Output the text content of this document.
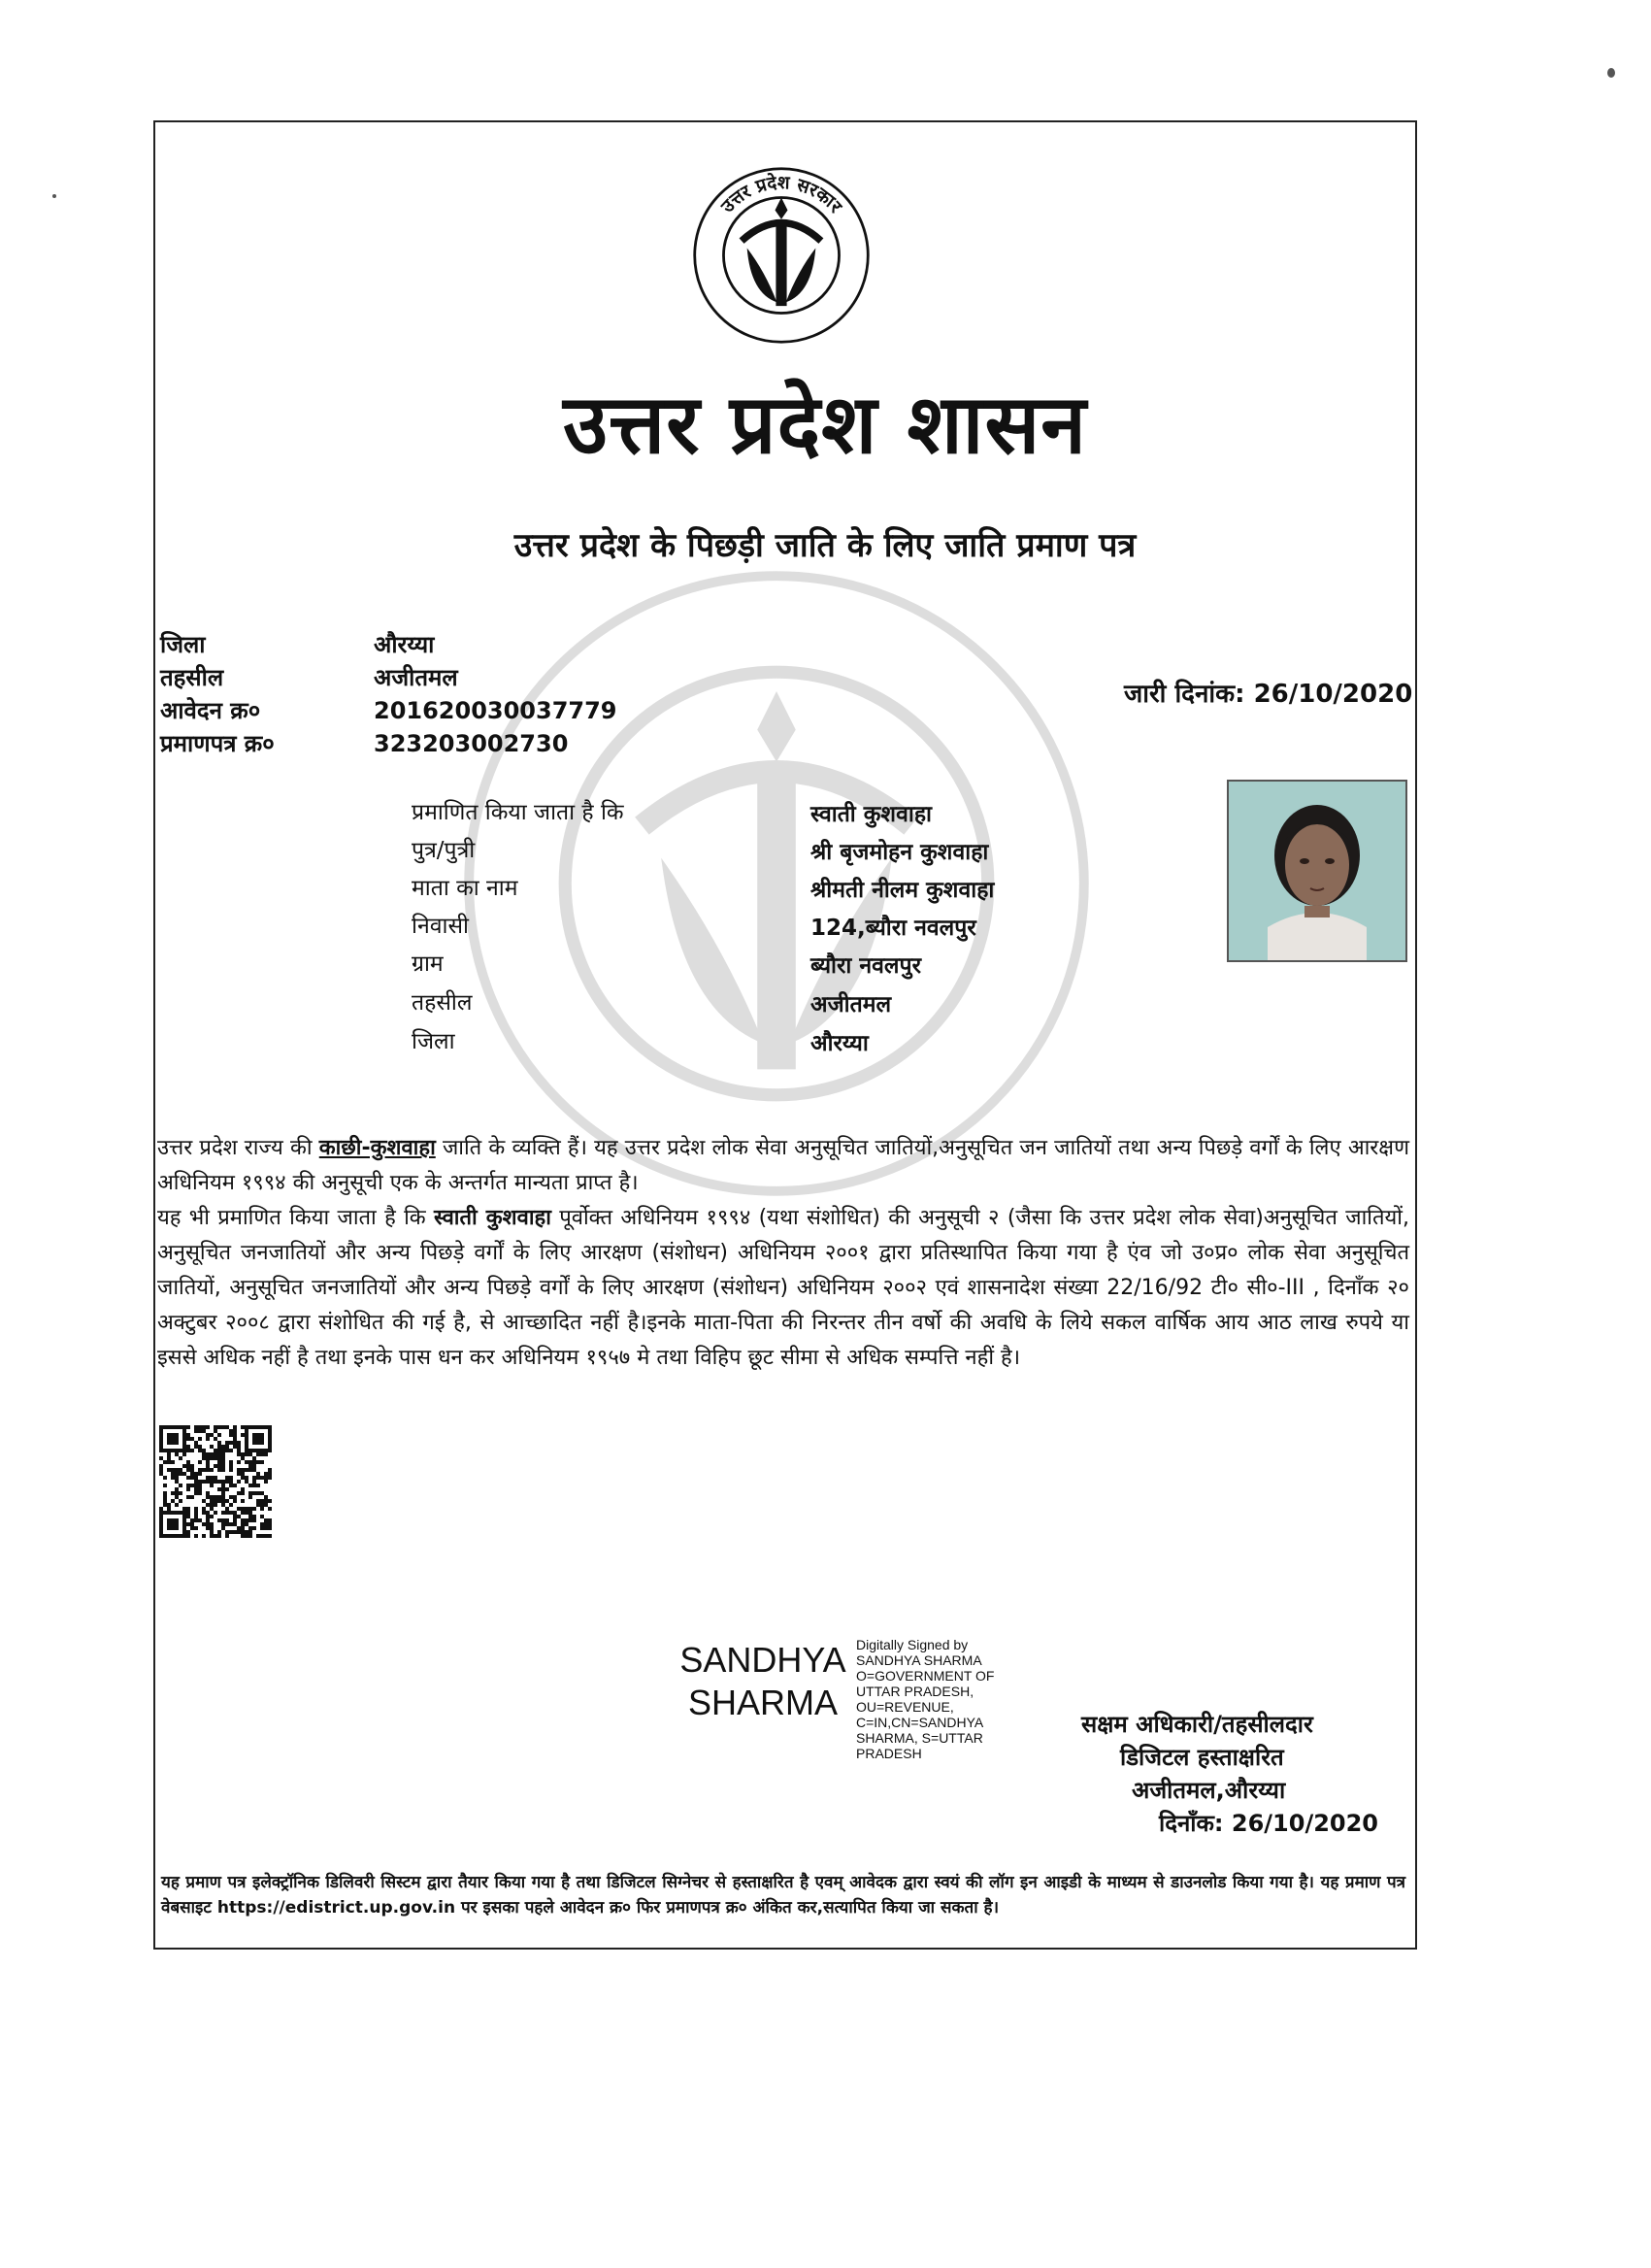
उत्तर प्रदेश सरकार
उत्तर प्रदेश शासन
उत्तर प्रदेश के पिछड़ी जाति के लिए जाति प्रमाण पत्र
जिला	औरय्या
तहसील	अजीतमल
आवेदन क्र०	201620030037779
प्रमाणपत्र क्र०	323203002730
जारी दिनांक: 26/10/2020
प्रमाणित किया जाता है कि	स्वाती कुशवाहा
पुत्र/पुत्री	श्री बृजमोहन कुशवाहा
माता का नाम	श्रीमती नीलम कुशवाहा
निवासी	124,ब्यौरा नवलपुर
ग्राम	ब्यौरा नवलपुर
तहसील	अजीतमल
जिला	औरय्या

उत्तर प्रदेश राज्य की काछी-कुशवाहा जाति के व्यक्ति हैं। यह उत्तर प्रदेश लोक सेवा अनुसूचित जातियों,अनुसूचित जन जातियों तथा अन्य पिछड़े वर्गों के लिए आरक्षण अधिनियम १९९४ की अनुसूची एक के अन्तर्गत मान्यता प्राप्त है।

यह भी प्रमाणित किया जाता है कि स्वाती कुशवाहा पूर्वोक्त अधिनियम १९९४ (यथा संशोधित) की अनुसूची २ (जैसा कि उत्तर प्रदेश लोक सेवा)अनुसूचित जातियों, अनुसूचित जनजातियों और अन्य पिछड़े वर्गों के लिए आरक्षण (संशोधन) अधिनियम २००१ द्वारा प्रतिस्थापित किया गया है एंव जो उ०प्र० लोक सेवा अनुसूचित जातियों, अनुसूचित जनजातियों और अन्य पिछड़े वर्गों के लिए आरक्षण (संशोधन) अधिनियम २००२ एवं शासनादेश संख्या 22/16/92 टी० सी०-III , दिनाँक २० अक्टुबर २००८ द्वारा संशोधित की गई है, से आच्छादित नहीं है।इनके माता-पिता की निरन्तर तीन वर्षो की अवधि के लिये सकल वार्षिक आय आठ लाख रुपये या इससे अधिक नहीं है तथा इनके पास धन कर अधिनियम १९५७ मे तथा विहिप छूट सीमा से अधिक सम्पत्ति नहीं है।

SANDHYA
SHARMA
Digitally Signed by
SANDHYA SHARMA
O=GOVERNMENT OF
UTTAR PRADESH,
OU=REVENUE,
C=IN,CN=SANDHYA
SHARMA, S=UTTAR
PRADESH
सक्षम अधिकारी/तहसीलदार
डिजिटल हस्ताक्षरित
अजीतमल,औरय्या
दिनाँक: 26/10/2020
यह प्रमाण पत्र इलेक्ट्रॉनिक डिलिवरी सिस्टम द्वारा तैयार किया गया है तथा डिजिटल सिग्नेचर से हस्ताक्षरित है एवम् आवेदक द्वारा स्वयं की लॉग इन आइडी के माध्यम से डाउनलोड किया गया है। यह प्रमाण पत्र वेबसाइट https://edistrict.up.gov.in पर इसका पहले आवेदन क्र० फिर प्रमाणपत्र क्र० अंकित कर,सत्यापित किया जा सकता है।
